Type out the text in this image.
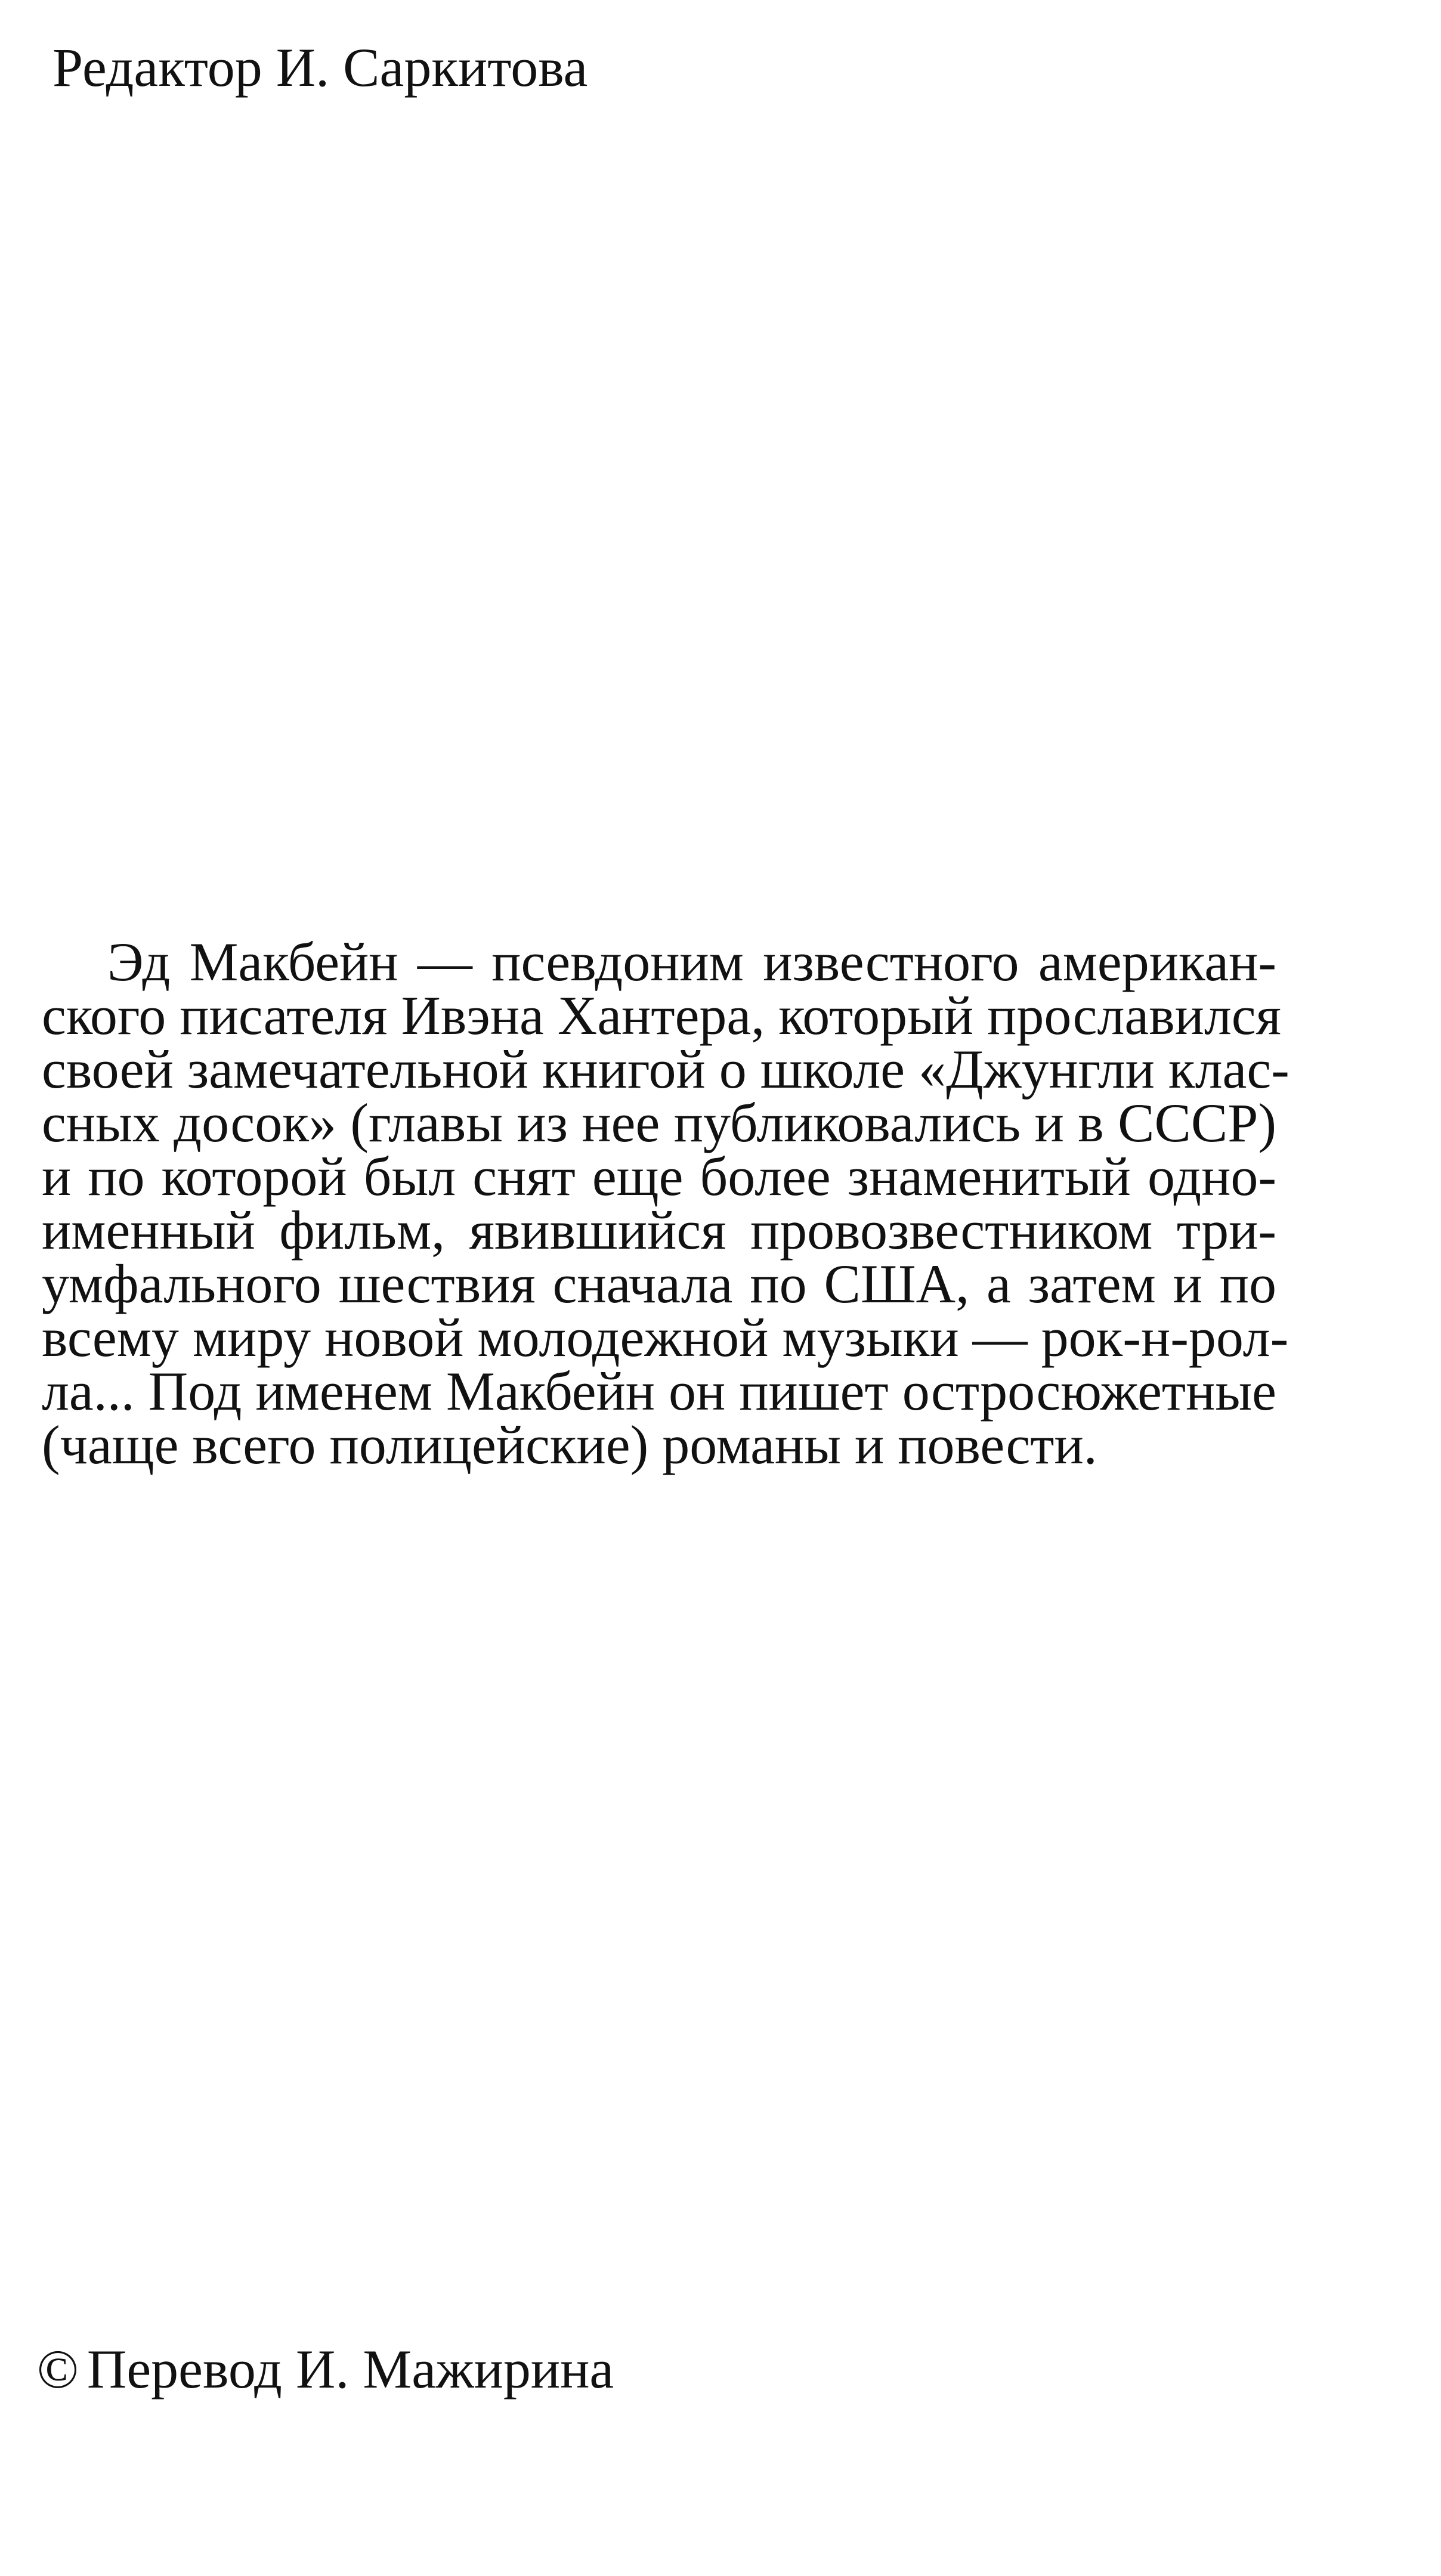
Редактор И. Саркитова
Эд Макбейн — псевдоним известного американ-
ского писателя Ивэна Хантера, который прославился
своей замечательной книгой о школе «Джунгли клас-
сных досок» (главы из нее публиковались и в СССР)
и по которой был снят еще более знаменитый одно-
именный фильм, явившийся провозвестником три-
умфального шествия сначала по США, а затем и по
всему миру новой молодежной музыки — рок-н-рол-
ла... Под именем Макбейн он пишет остросюжетные
(чаще всего полицейские) романы и повести.
© Перевод И. Мажирина
